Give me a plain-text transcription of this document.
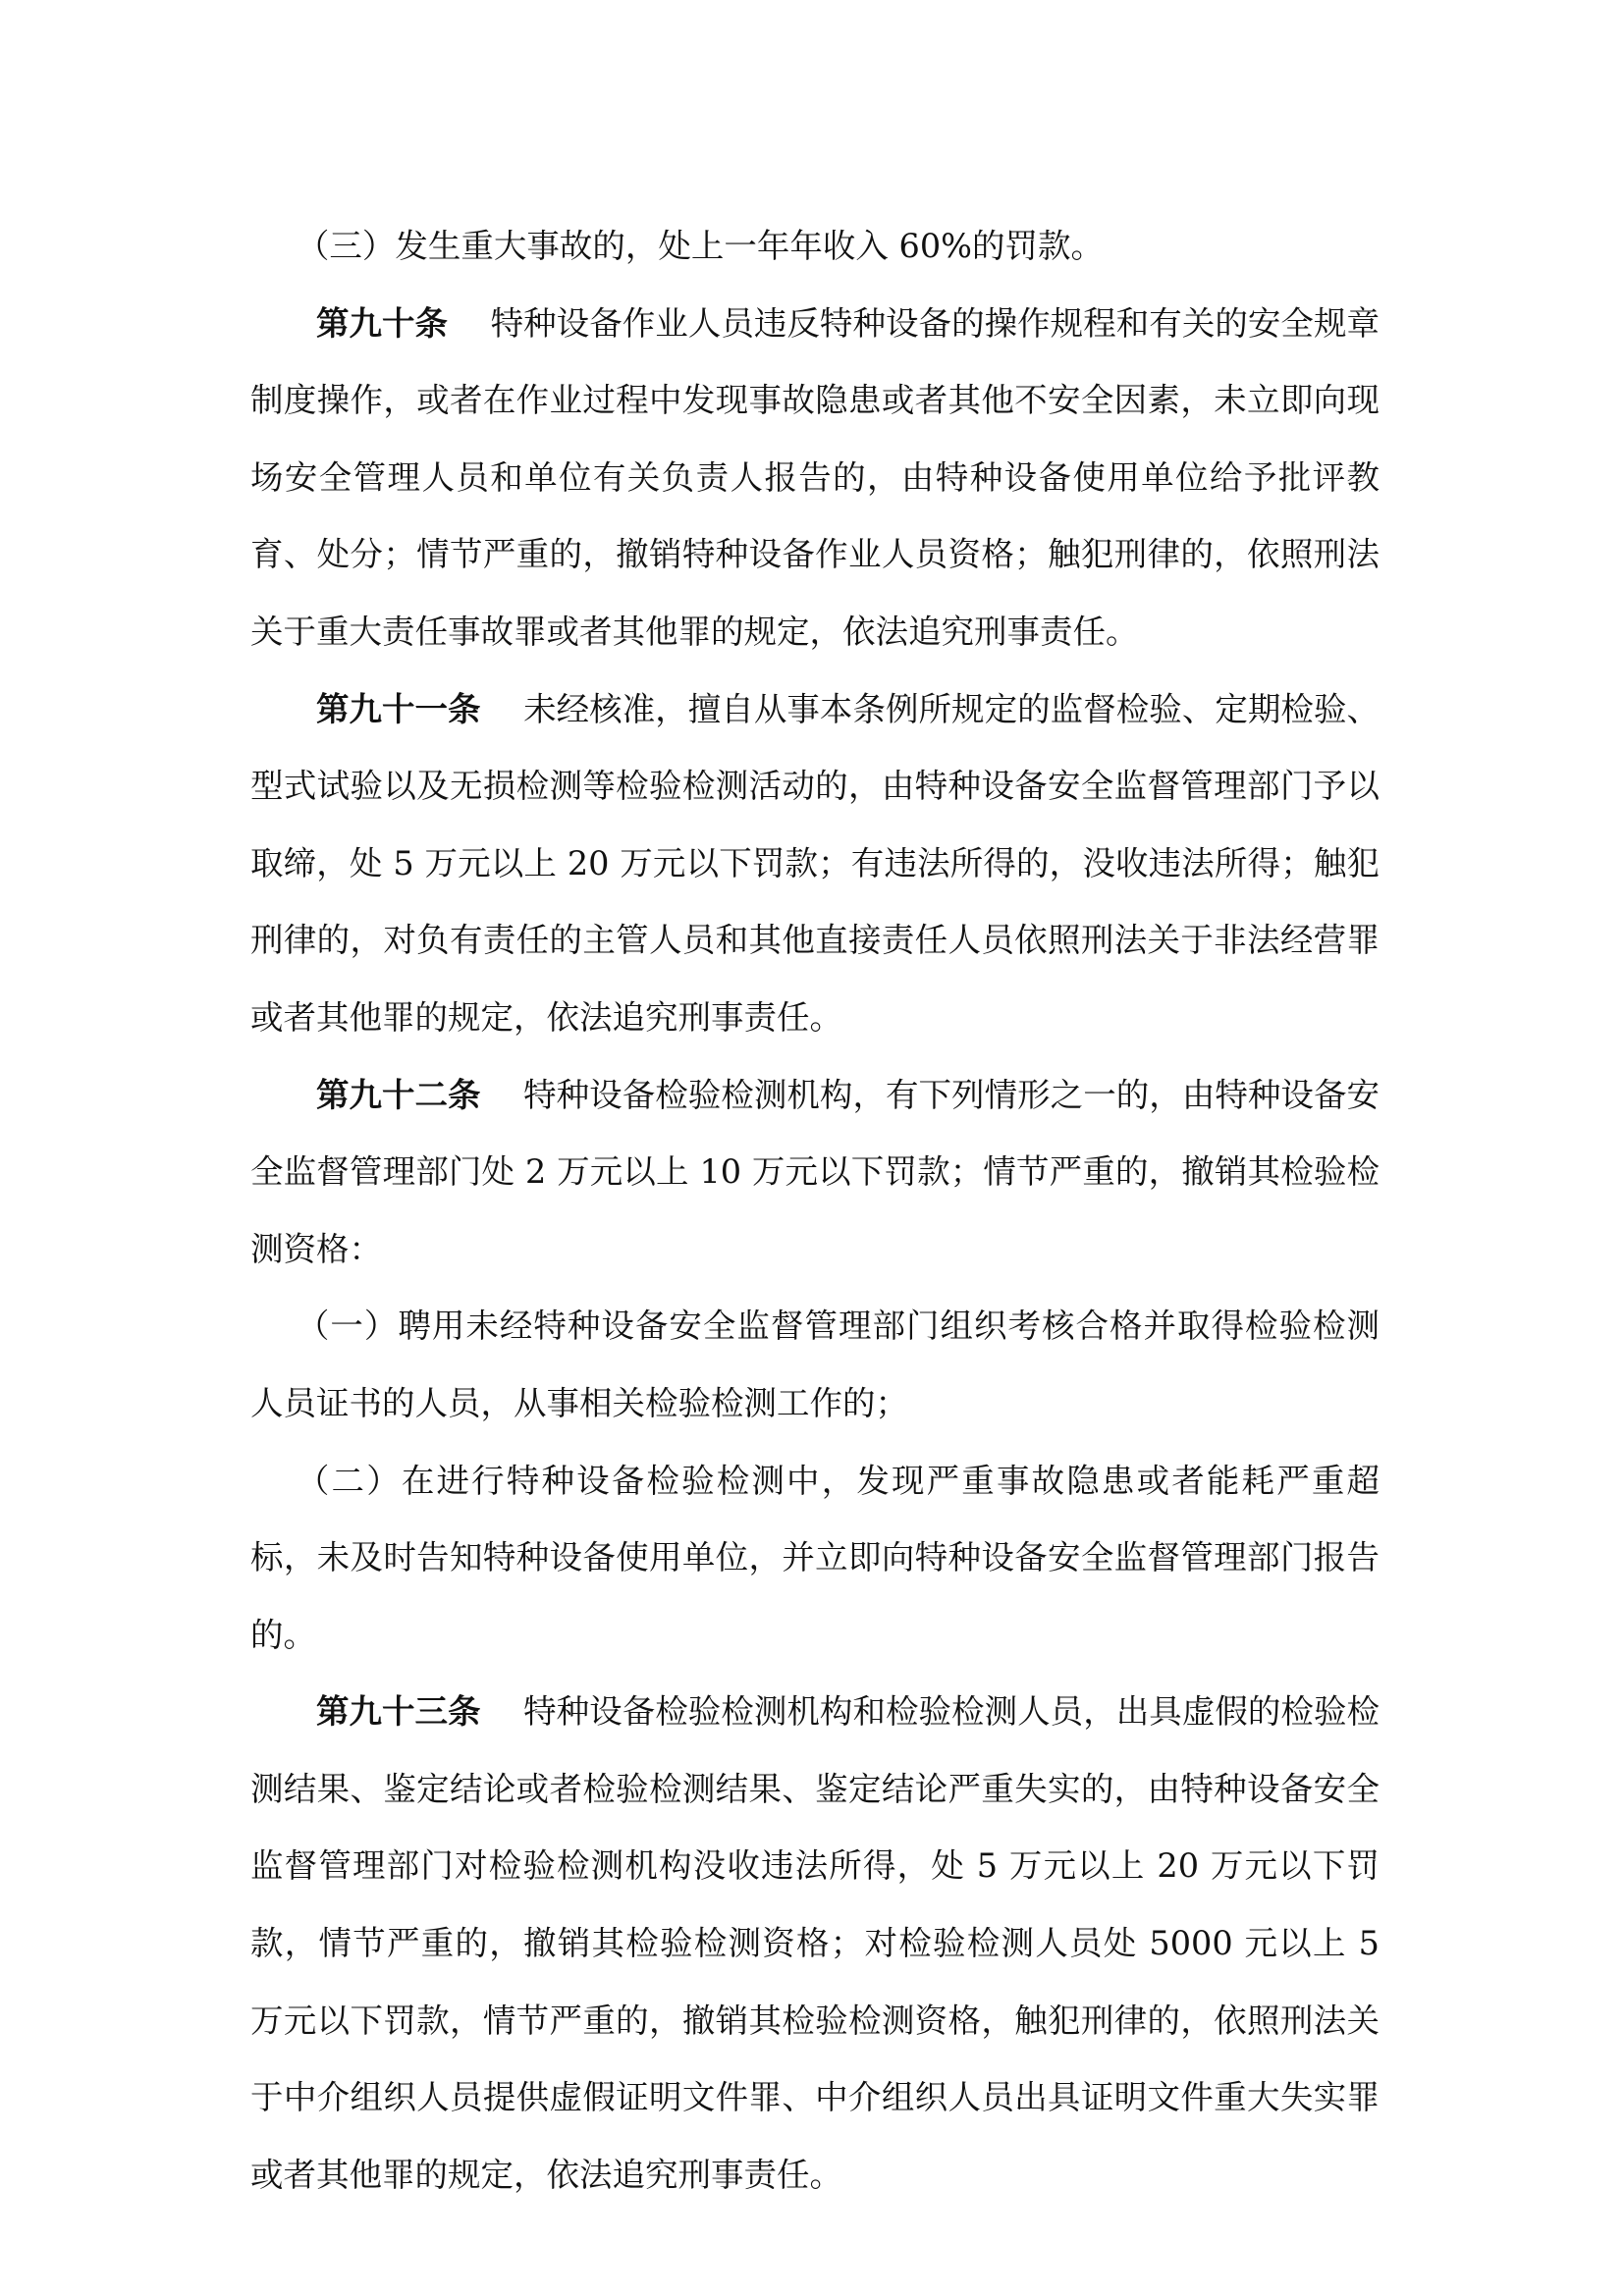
（三）发生重大事故的，处上一年年收入 60%的罚款。

第九十条 特种设备作业人员违反特种设备的操作规程和有关的安全规章制度操作，或者在作业过程中发现事故隐患或者其他不安全因素，未立即向现场安全管理人员和单位有关负责人报告的，由特种设备使用单位给予批评教育、处分；情节严重的，撤销特种设备作业人员资格；触犯刑律的，依照刑法关于重大责任事故罪或者其他罪的规定，依法追究刑事责任。

第九十一条 未经核准，擅自从事本条例所规定的监督检验、定期检验、型式试验以及无损检测等检验检测活动的，由特种设备安全监督管理部门予以取缔，处 5 万元以上 20 万元以下罚款；有违法所得的，没收违法所得；触犯刑律的，对负有责任的主管人员和其他直接责任人员依照刑法关于非法经营罪或者其他罪的规定，依法追究刑事责任。

第九十二条 特种设备检验检测机构，有下列情形之一的，由特种设备安全监督管理部门处 2 万元以上 10 万元以下罚款；情节严重的，撤销其检验检测资格：

（一）聘用未经特种设备安全监督管理部门组织考核合格并取得检验检测人员证书的人员，从事相关检验检测工作的；

（二）在进行特种设备检验检测中，发现严重事故隐患或者能耗严重超标，未及时告知特种设备使用单位，并立即向特种设备安全监督管理部门报告的。

第九十三条 特种设备检验检测机构和检验检测人员，出具虚假的检验检测结果、鉴定结论或者检验检测结果、鉴定结论严重失实的，由特种设备安全监督管理部门对检验检测机构没收违法所得，处 5 万元以上 20 万元以下罚款，情节严重的，撤销其检验检测资格；对检验检测人员处 5000 元以上 5 万元以下罚款，情节严重的，撤销其检验检测资格，触犯刑律的，依照刑法关于中介组织人员提供虚假证明文件罪、中介组织人员出具证明文件重大失实罪或者其他罪的规定，依法追究刑事责任。
